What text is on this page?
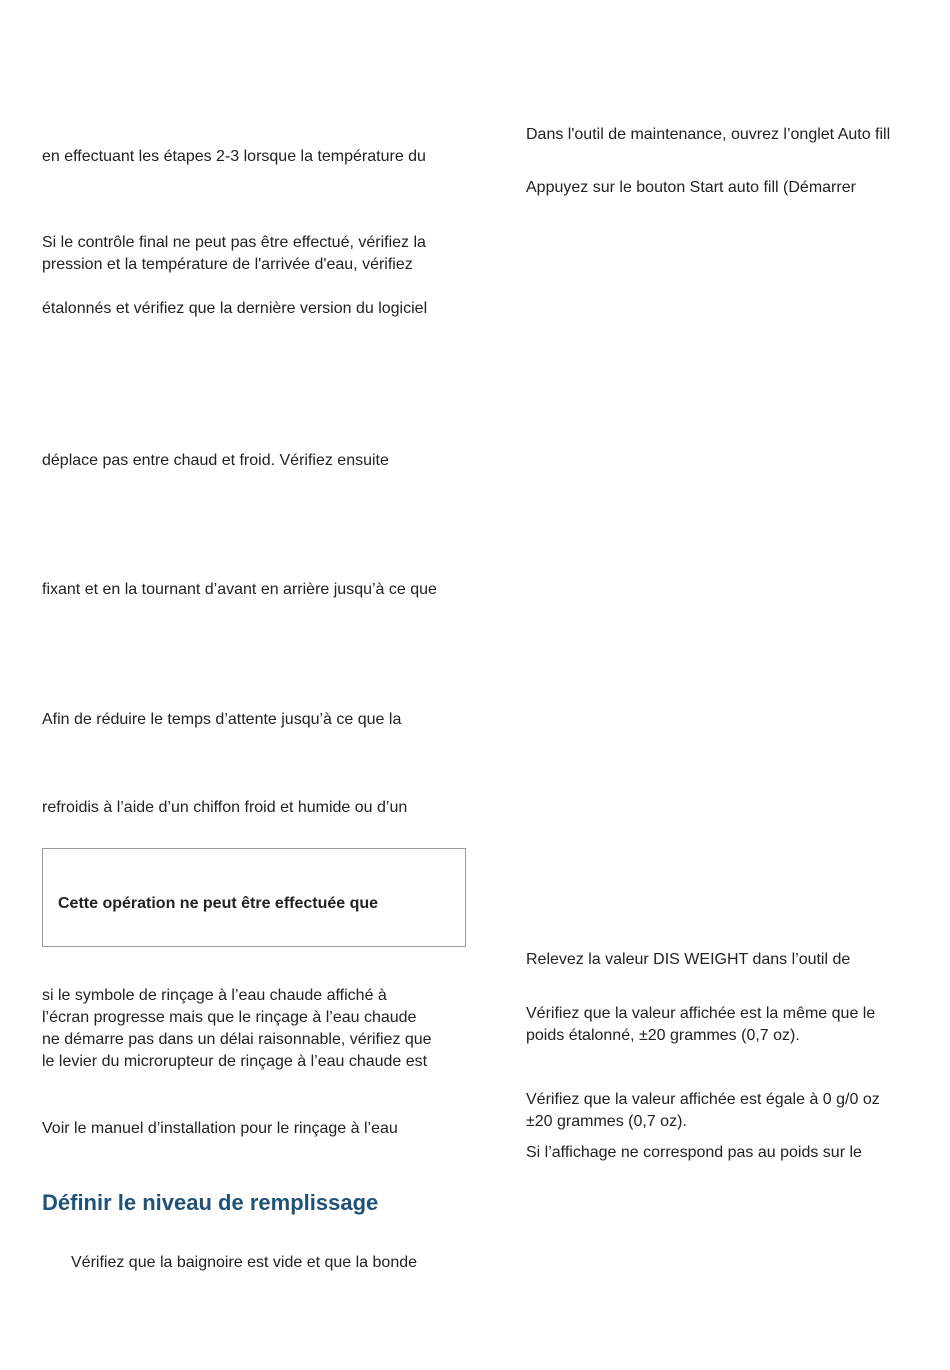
en effectuant les étapes 2-3 lorsque la température du

Si le contrôle final ne peut pas être effectué, vérifiez la

pression et la température de l'arrivée d'eau, vérifiez

étalonnés et vérifiez que la dernière version du logiciel

déplace pas entre chaud et froid. Vérifiez ensuite

fixant et en la tournant d’avant en arrière jusqu’à ce que

Afin de réduire le temps d’attente jusqu’à ce que la

refroidis à l’aide d’un chiffon froid et humide ou d’un

Cette opération ne peut être effectuée que

si le symbole de rinçage à l’eau chaude affiché à

l’écran progresse mais que le rinçage à l’eau chaude

ne démarre pas dans un délai raisonnable, vérifiez que

le levier du microrupteur de rinçage à l’eau chaude est

Voir le manuel d’installation pour le rinçage à l’eau

Définir le niveau de remplissage

Vérifiez que la baignoire est vide et que la bonde

Dans l'outil de maintenance, ouvrez l’onglet Auto fill

Appuyez sur le bouton Start auto fill (Démarrer

Relevez la valeur DIS WEIGHT dans l’outil de

Vérifiez que la valeur affichée est la même que le

poids étalonné, ±20 grammes (0,7 oz).

Vérifiez que la valeur affichée est égale à 0 g/0 oz

±20 grammes (0,7 oz).

Si l’affichage ne correspond pas au poids sur le
